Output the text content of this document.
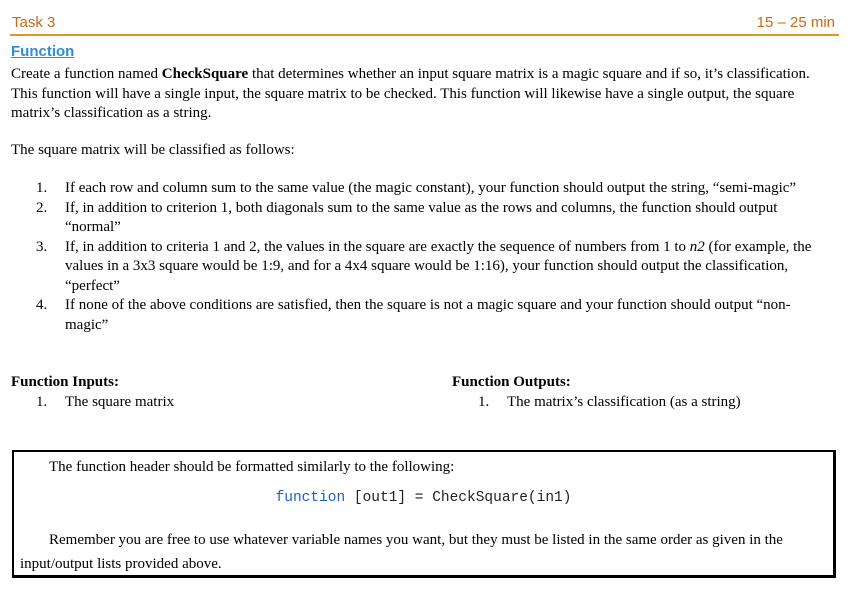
Task 3	15 – 25 min
Function
Create a function named CheckSquare that determines whether an input square matrix is a magic square and if so, it’s classification. This function will have a single input, the square matrix to be checked. This function will likewise have a single output, the square matrix’s classification as a string.
The square matrix will be classified as follows:
1. If each row and column sum to the same value (the magic constant), your function should output the string, “semi-magic”
2. If, in addition to criterion 1, both diagonals sum to the same value as the rows and columns, the function should output “normal”
3. If, in addition to criteria 1 and 2, the values in the square are exactly the sequence of numbers from 1 to n2 (for example, the values in a 3x3 square would be 1:9, and for a 4x4 square would be 1:16), your function should output the classification, “perfect”
4. If none of the above conditions are satisfied, then the square is not a magic square and your function should output “non-magic”
Function Inputs:	Function Outputs:
1. The square matrix	1. The matrix’s classification (as a string)
The function header should be formatted similarly to the following:
function [out1] = CheckSquare(in1)
Remember you are free to use whatever variable names you want, but they must be listed in the same order as given in the input/output lists provided above.
